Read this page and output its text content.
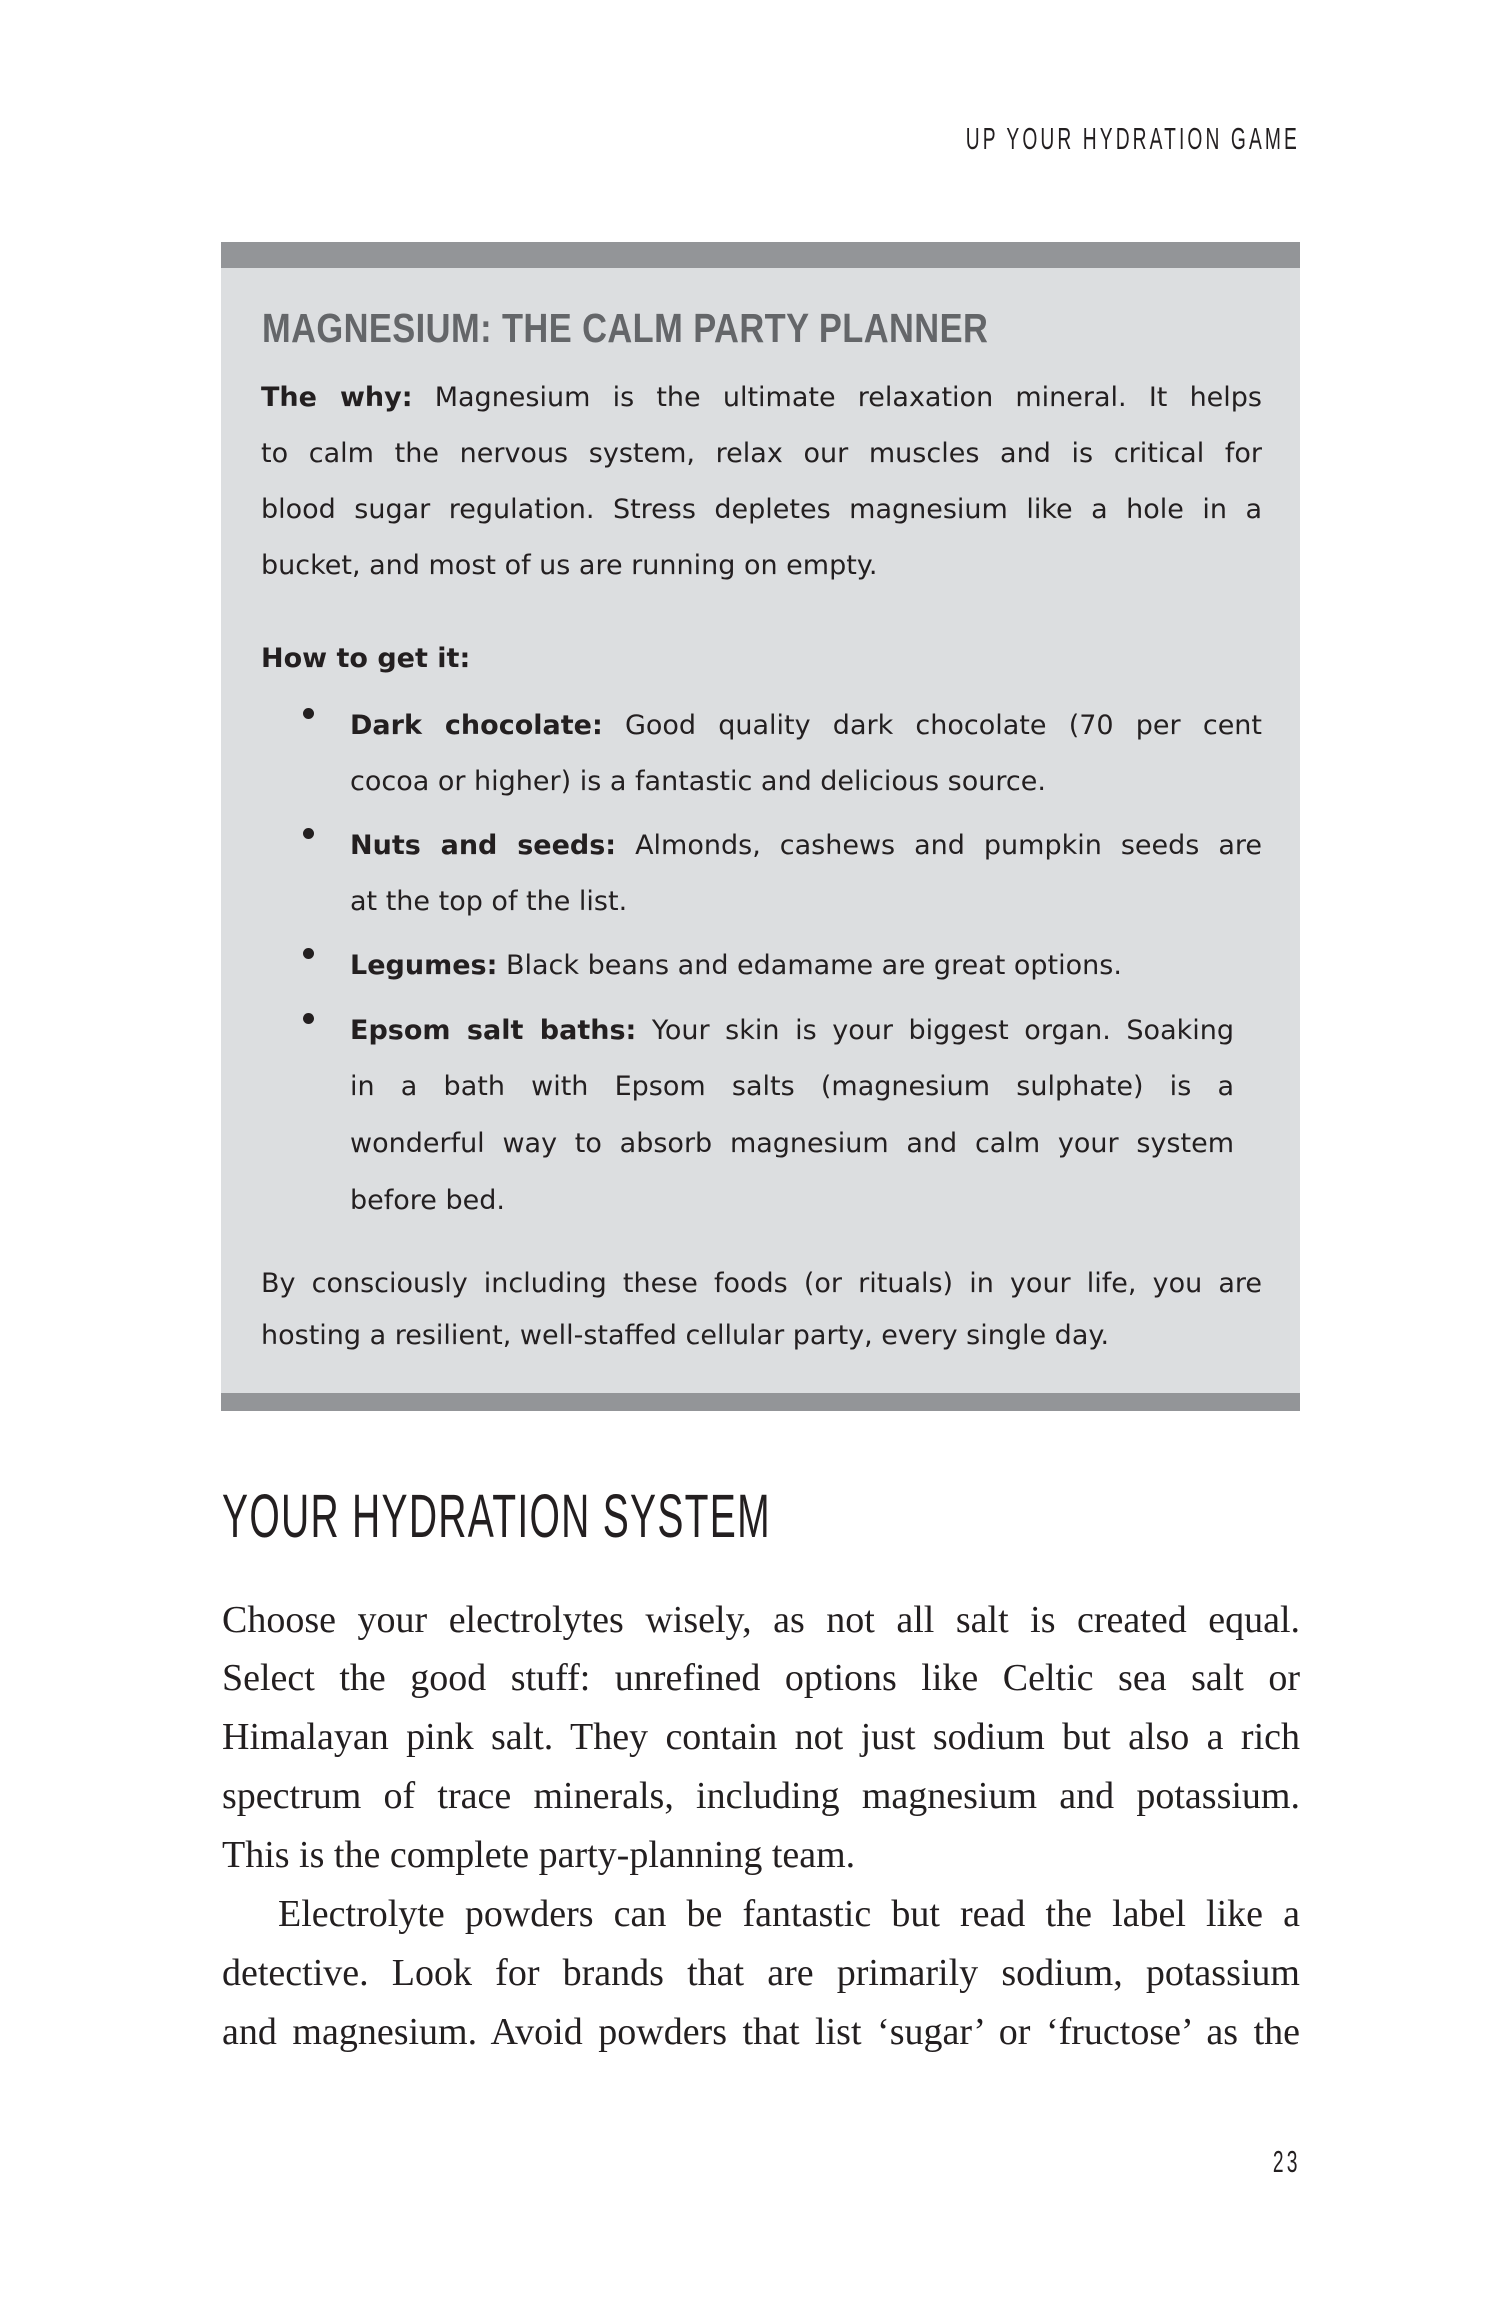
UP YOUR HYDRATION GAME
MAGNESIUM: THE CALM PARTY PLANNER
The why: Magnesium is the ultimate relaxation mineral. It helps
to calm the nervous system, relax our muscles and is critical for
blood sugar regulation. Stress depletes magnesium like a hole in a
bucket, and most of us are running on empty.
How to get it:
Dark chocolate: Good quality dark chocolate (70 per cent
cocoa or higher) is a fantastic and delicious source.
Nuts and seeds: Almonds, cashews and pumpkin seeds are
at the top of the list.
Legumes: Black beans and edamame are great options.
Epsom salt baths: Your skin is your biggest organ. Soaking
in a bath with Epsom salts (magnesium sulphate) is a
wonderful way to absorb magnesium and calm your system
before bed.
By consciously including these foods (or rituals) in your life, you are
hosting a resilient, well-staffed cellular party, every single day.
YOUR HYDRATION SYSTEM
Choose your electrolytes wisely, as not all salt is created equal.
Select the good stuff: unrefined options like Celtic sea salt or
Himalayan pink salt. They contain not just sodium but also a rich
spectrum of trace minerals, including magnesium and potassium.
This is the complete party-planning team.
Electrolyte powders can be fantastic but read the label like a
detective. Look for brands that are primarily sodium, potassium
and magnesium. Avoid powders that list ‘sugar’ or ‘fructose’ as the
23
